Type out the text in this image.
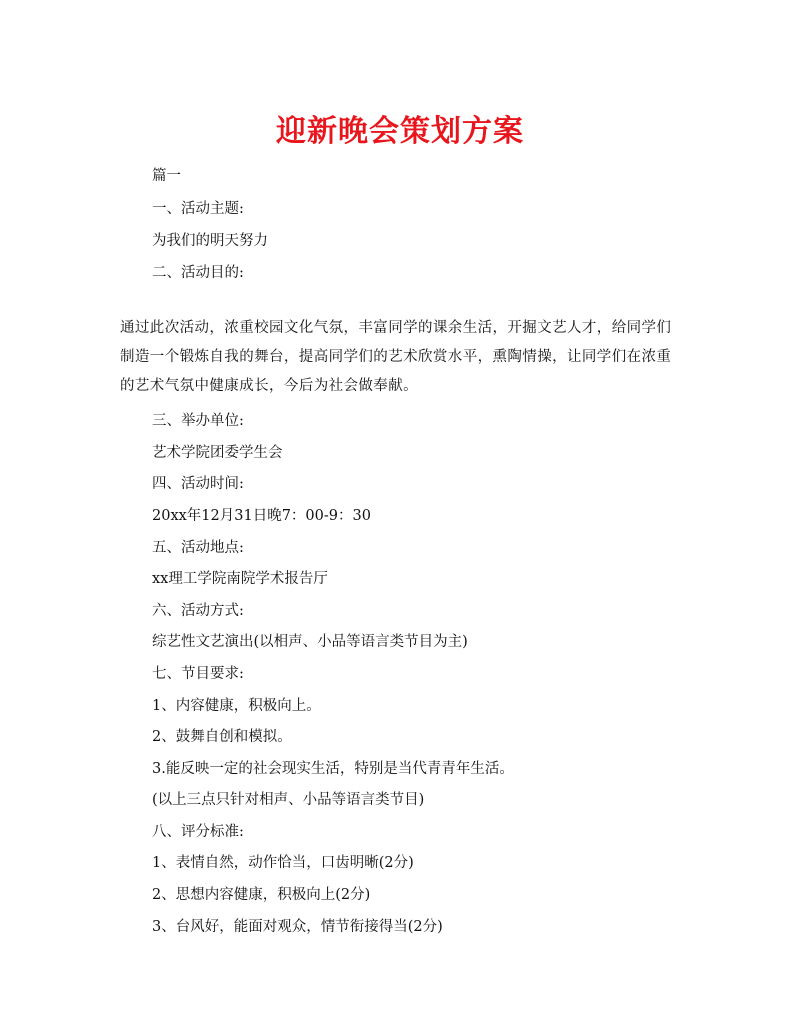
迎新晚会策划方案
篇一
一、活动主题:
为我们的明天努力
二、活动目的:
通过此次活动，浓重校园文化气氛，丰富同学的课余生活，开掘文艺人才，给同学们制造一个锻炼自我的舞台，提高同学们的艺术欣赏水平，熏陶情操，让同学们在浓重的艺术气氛中健康成长，今后为社会做奉献。
三、举办单位:
艺术学院团委学生会
四、活动时间:
20xx年12月31日晚7：00-9：30
五、活动地点:
xx理工学院南院学术报告厅
六、活动方式:
综艺性文艺演出(以相声、小品等语言类节目为主)
七、节目要求:
1、内容健康，积极向上。
2、鼓舞自创和模拟。
3.能反映一定的社会现实生活，特别是当代青青年生活。
(以上三点只针对相声、小品等语言类节目)
八、评分标准:
1、表情自然，动作恰当，口齿明晰(2分)
2、思想内容健康，积极向上(2分)
3、台风好，能面对观众，情节衔接得当(2分)
